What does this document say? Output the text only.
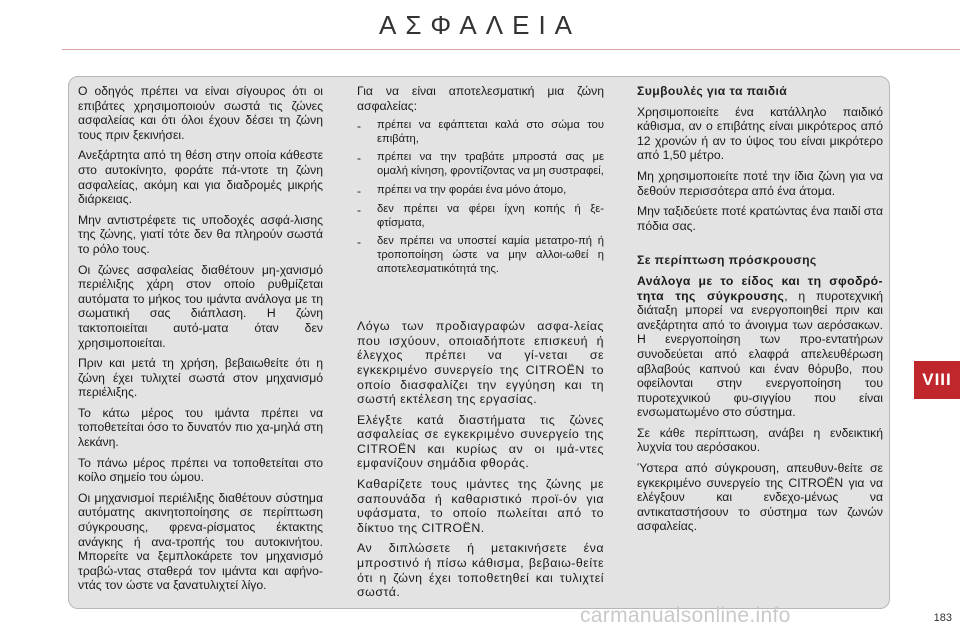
ΑΣΦΑΛΕΙΑ

Ο οδηγός πρέπει να είναι σίγουρος ότι οι επιβάτες χρησιμοποιούν σωστά τις ζώνες ασφαλείας και ότι όλοι έχουν δέσει τη ζώνη τους πριν ξεκινήσει.

Ανεξάρτητα από τη θέση στην οποία κάθεστε στο αυτοκίνητο, φοράτε πά-ντοτε τη ζώνη ασφαλείας, ακόμη και για διαδρομές μικρής διάρκειας.

Μην αντιστρέφετε τις υποδοχές ασφά-λισης της ζώνης, γιατί τότε δεν θα πληρούν σωστά το ρόλο τους.

Οι ζώνες ασφαλείας διαθέτουν μη-χανισμό περιέλιξης χάρη στον οποίο ρυθμίζεται αυτόματα το μήκος του ιμάντα ανάλογα με τη σωματική σας διάπλαση. Η ζώνη τακτοποιείται αυτό-ματα όταν δεν χρησιμοποιείται.

Πριν και μετά τη χρήση, βεβαιωθείτε ότι η ζώνη έχει τυλιχτεί σωστά στον μηχανισμό περιέλιξης.

Το κάτω μέρος του ιμάντα πρέπει να τοποθετείται όσο το δυνατόν πιο χα-μηλά στη λεκάνη.

Το πάνω μέρος πρέπει να τοποθετείται στο κοίλο σημείο του ώμου.

Οι μηχανισμοί περιέλιξης διαθέτουν σύστημα αυτόματης ακινητοποίησης σε περίπτωση σύγκρουσης, φρενα-ρίσματος έκτακτης ανάγκης ή ανα-τροπής του αυτοκινήτου. Μπορείτε να ξεμπλοκάρετε τον μηχανισμό τραβώ-ντας σταθερά τον ιμάντα και αφήνο-ντάς τον ώστε να ξανατυλιχτεί λίγο.

Για να είναι αποτελεσματική μια ζώνη ασφαλείας:

-	πρέπει να εφάπτεται καλά στο σώμα του επιβάτη,
-	πρέπει να την τραβάτε μπροστά σας με ομαλή κίνηση, φροντίζοντας να μη συστραφεί,
-	πρέπει να την φοράει ένα μόνο άτομο,
-	δεν πρέπει να φέρει ίχνη κοπής ή ξε-φτίσματα,
-	δεν πρέπει να υποστεί καμία μετατρο-πή ή τροποποίηση ώστε να μην αλλοι-ωθεί η αποτελεσματικότητά της.

Λόγω των προδιαγραφών ασφα-λείας που ισχύουν, οποιαδήποτε επισκευή ή έλεγχος πρέπει να γί-νεται σε εγκεκριμένο συνεργείο της CITROËN το οποίο διασφαλίζει την εγγύηση και τη σωστή εκτέλεση της εργασίας.

Ελέγξτε κατά διαστήματα τις ζώνες ασφαλείας σε εγκεκριμένο συνεργείο της CITROËN και κυρίως αν οι ιμά-ντες εμφανίζουν σημάδια φθοράς.

Καθαρίζετε τους ιμάντες της ζώνης με σαπουνάδα ή καθαριστικό προϊ-όν για υφάσματα, το οποίο πωλείται από το δίκτυο της CITROËN.

Αν διπλώσετε ή μετακινήσετε ένα μπροστινό ή πίσω κάθισμα, βεβαιω-θείτε ότι η ζώνη έχει τοποθετηθεί και τυλιχτεί σωστά.

Συμβουλές για τα παιδιά

Χρησιμοποιείτε ένα κατάλληλο παιδικό κάθισμα, αν ο επιβάτης είναι μικρότερος από 12 χρονών ή αν το ύψος του είναι μικρότερο από 1,50 μέτρο.

Μη χρησιμοποιείτε ποτέ την ίδια ζώνη για να δεθούν περισσότερα από ένα άτομα.

Μην ταξιδεύετε ποτέ κρατώντας ένα παιδί στα πόδια σας.

Σε περίπτωση πρόσκρουσης

Ανάλογα με το είδος και τη σφοδρό-τητα της σύγκρουσης, η πυροτεχνική διάταξη μπορεί να ενεργοποιηθεί πριν και ανεξάρτητα από το άνοιγμα των αερόσακων. Η ενεργοποίηση των προ-εντατήρων συνοδεύεται από ελαφρά απελευθέρωση αβλαβούς καπνού και έναν θόρυβο, που οφείλονται στην ενεργοποίηση του πυροτεχνικού φυ-σιγγίου που είναι ενσωματωμένο στο σύστημα.

Σε κάθε περίπτωση, ανάβει η ενδεικτική λυχνία του αερόσακου.

Ύστερα από σύγκρουση, απευθυν-θείτε σε εγκεκριμένο συνεργείο της CITROËN για να ελέγξουν και ενδεχο-μένως να αντικαταστήσουν το σύστημα των ζωνών ασφαλείας.

VIII
carmanualsonline.info	183
